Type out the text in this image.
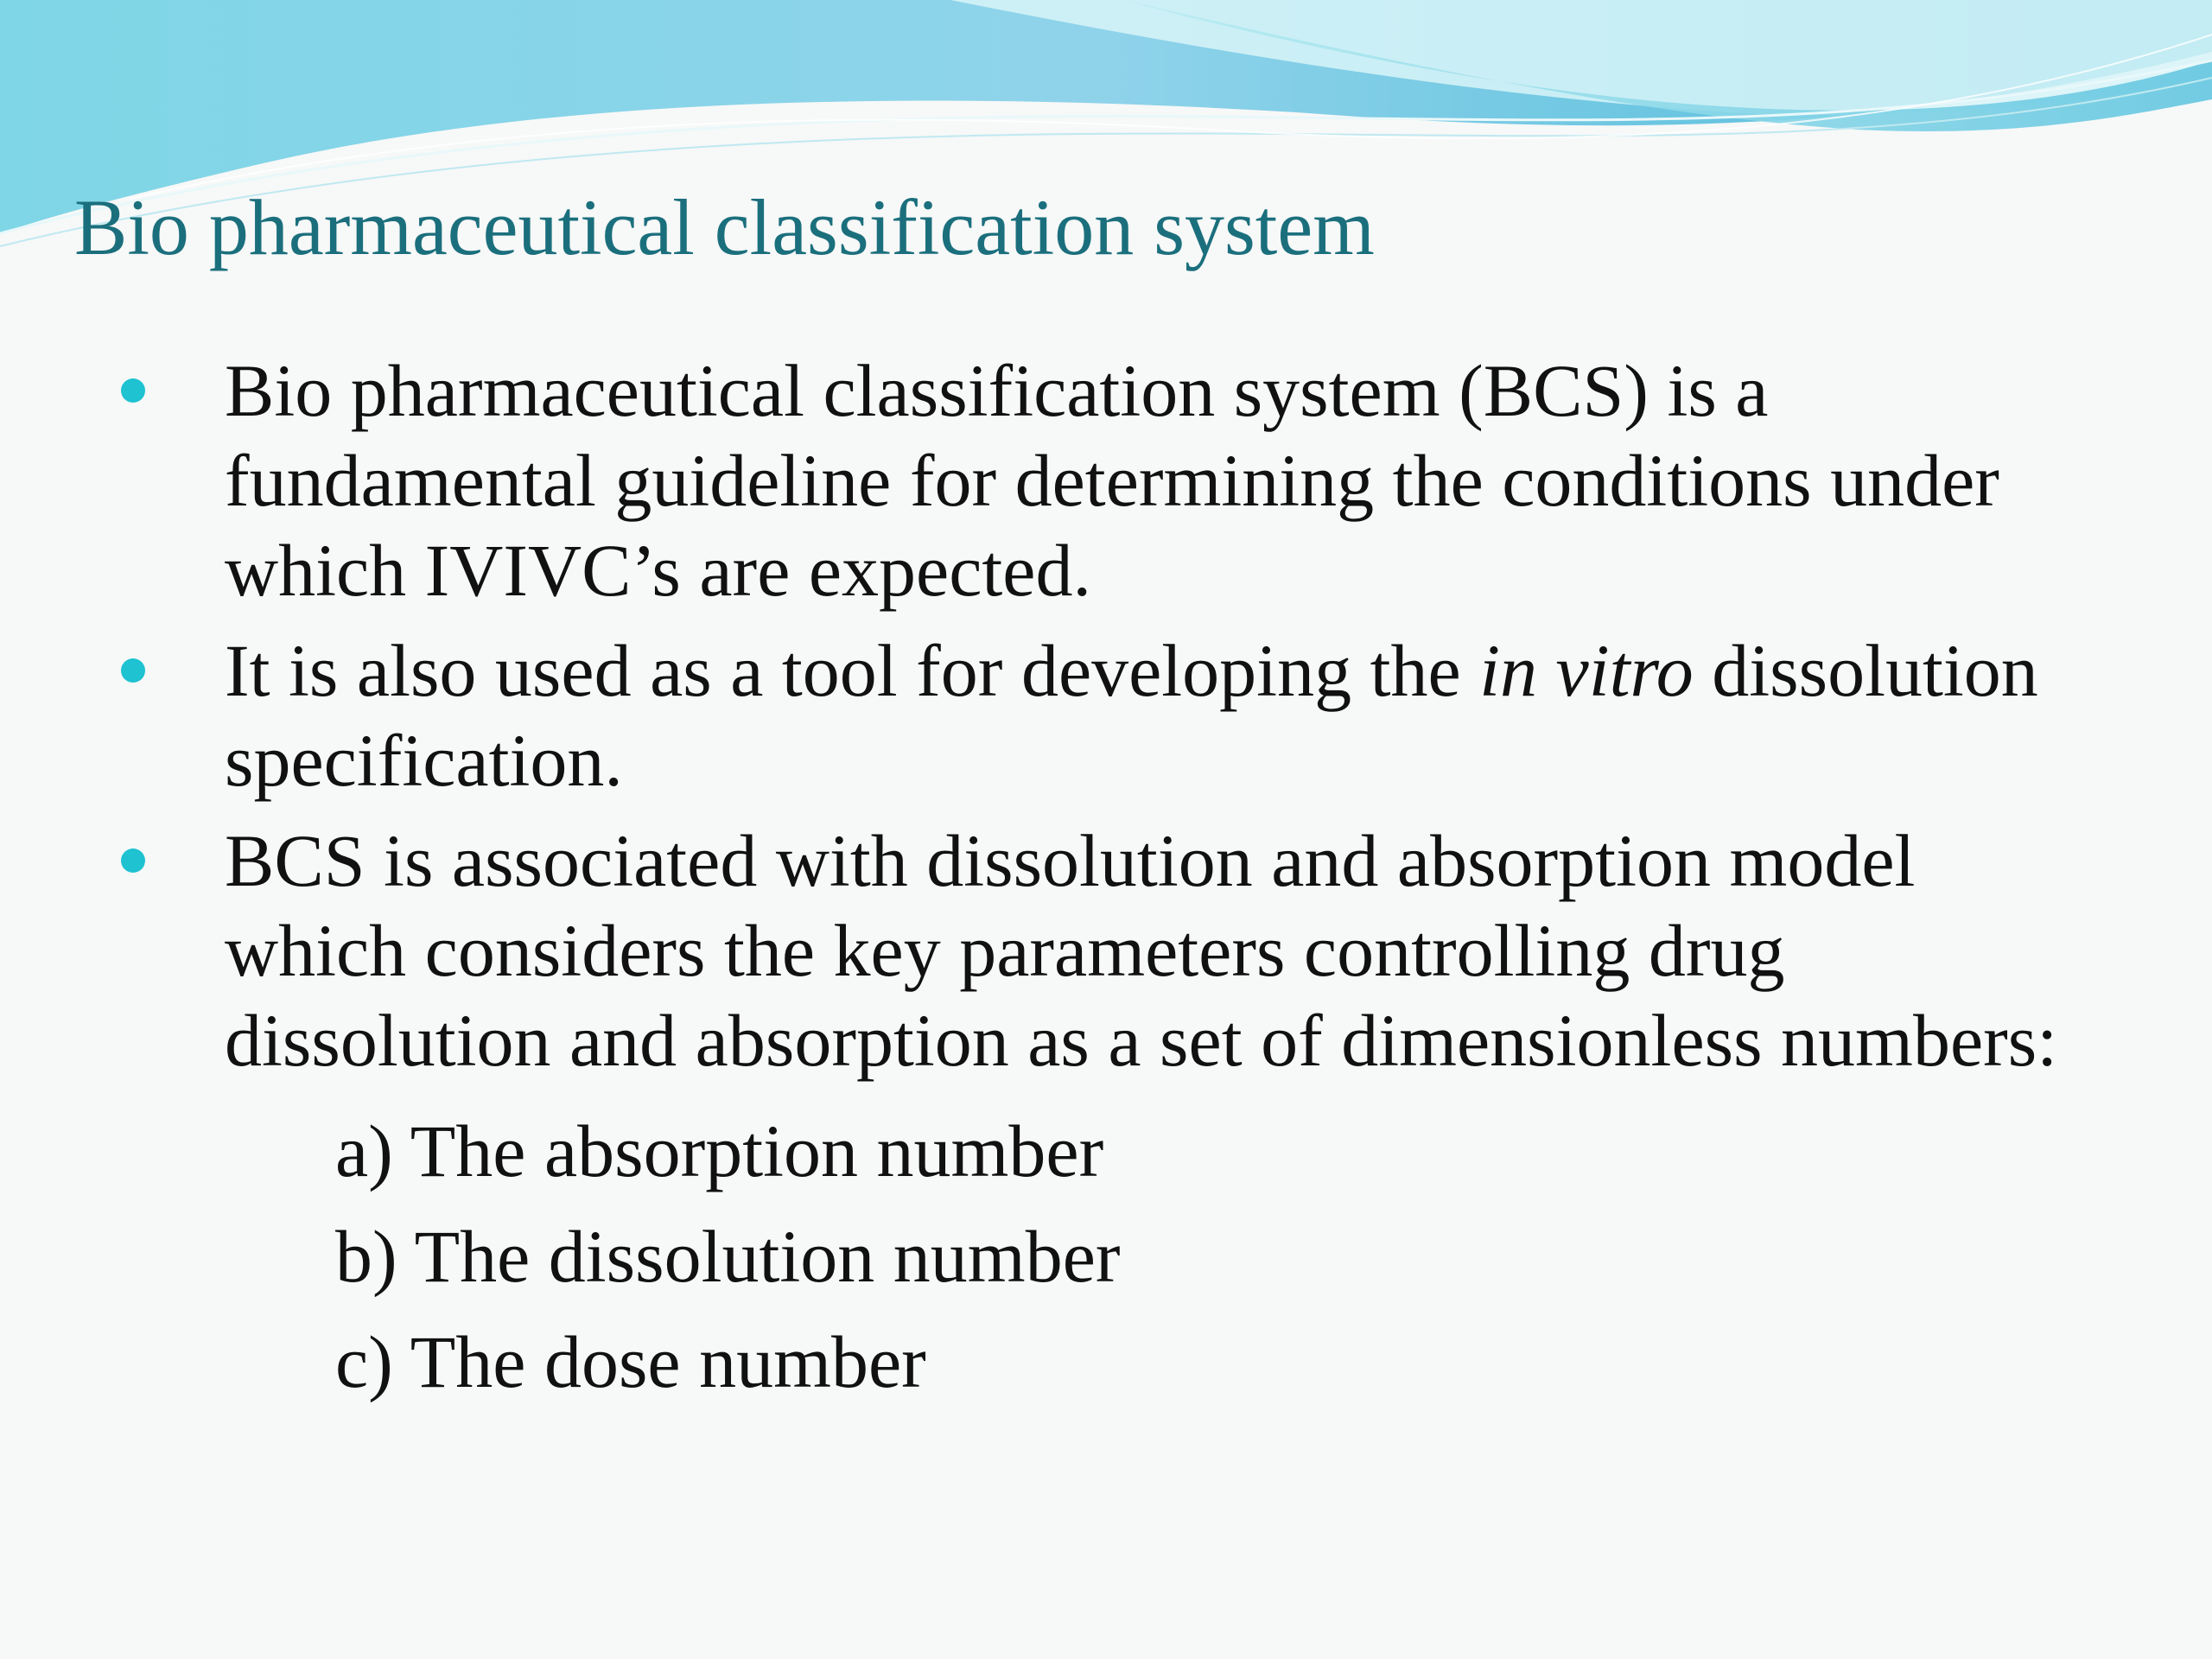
Bio pharmaceutical classification system
Bio pharmaceutical classification system (BCS) is a fundamental guideline for determining the conditions under which IVIVC’s are expected.
It is also used as a tool for developing the in vitro dissolution specification.
BCS is associated with dissolution and absorption model which considers the key parameters controlling drug dissolution and absorption as a set of dimensionless numbers:
a) The absorption number
b) The dissolution number
c) The dose number
